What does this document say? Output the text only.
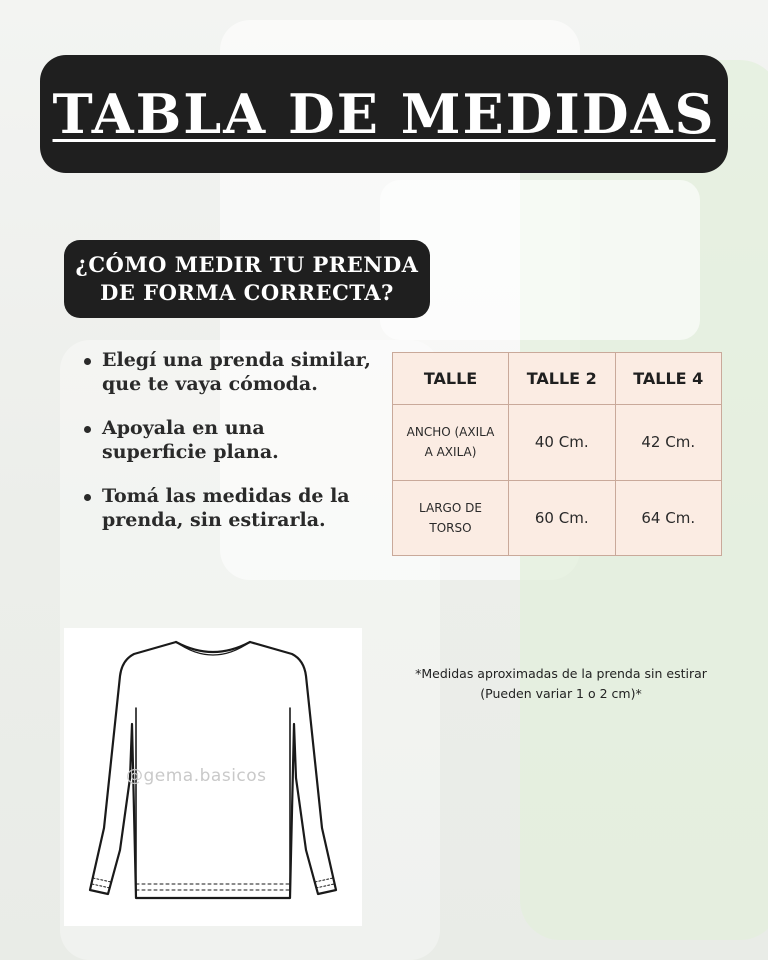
TABLA DE MEDIDAS
¿CÓMO MEDIR TU PRENDA
DE FORMA CORRECTA?
Elegí una prenda similar, que te vaya cómoda.
Apoyala en una superficie plana.
Tomá las medidas de la prenda, sin estirarla.
TALLE	TALLE 2	TALLE 4
ANCHO (AXILA
A AXILA)	40 Cm.	42 Cm.
LARGO DE
TORSO	60 Cm.	64 Cm.
*Medidas aproximadas de la prenda sin estirar
(Pueden variar 1 o 2 cm)*
@gema.basicos
